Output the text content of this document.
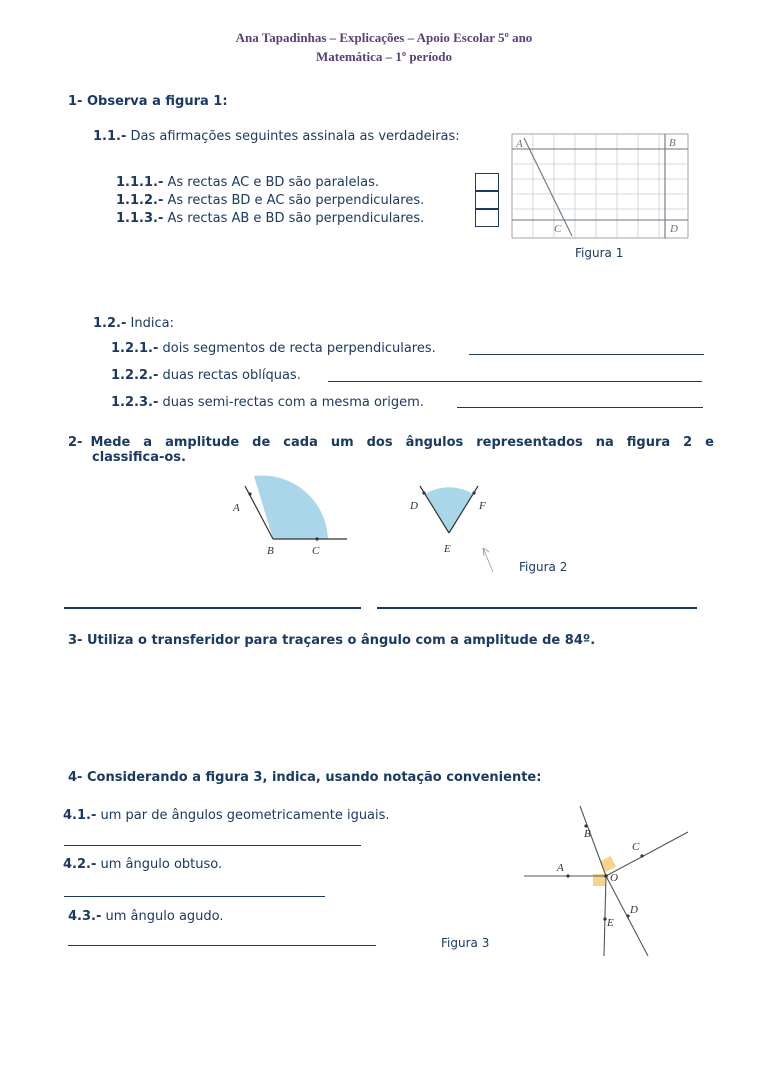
Ana Tapadinhas – Explicações – Apoio Escolar 5º ano
Matemática – 1º período
1- Observa a figura 1:
1.1.- Das afirmações seguintes assinala as verdadeiras:
1.1.1.- As rectas AC e BD são paralelas.
1.1.2.- As rectas BD e AC são perpendiculares.
1.1.3.- As rectas AB e BD são perpendiculares.
A	B
C	D
Figura 1
1.2.- Indica:
1.2.1.- dois segmentos de recta perpendiculares.
1.2.2.- duas rectas oblíquas.
1.2.3.- duas semi-rectas com a mesma origem.
2- Mede a amplitude de cada um dos ângulos representados na figura 2 e
classifica-os.
A
B	C
D	F
E
Figura 2
3- Utiliza o transferidor para traçares o ângulo com a amplitude de 84º.
4- Considerando a figura 3, indica, usando notação conveniente:
4.1.- um par de ângulos geometricamente iguais.
4.2.- um ângulo obtuso.
4.3.- um ângulo agudo.
Figura 3
A
B
C
O
D
E
